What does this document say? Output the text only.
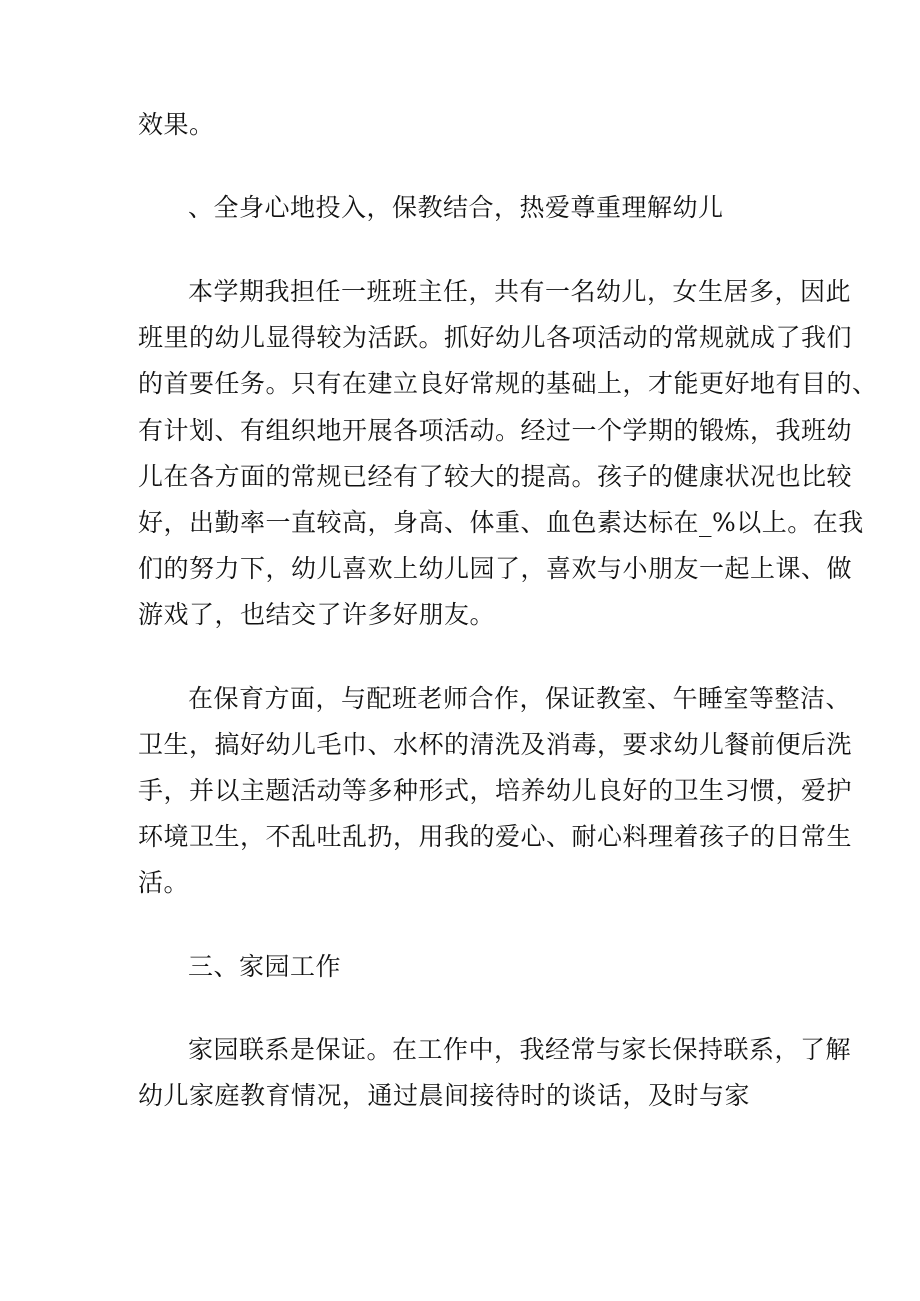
效果。
、全身心地投入，保教结合，热爱尊重理解幼儿
本学期我担任一班班主任，共有一名幼儿，女生居多，因此
班里的幼儿显得较为活跃。抓好幼儿各项活动的常规就成了我们
的首要任务。只有在建立良好常规的基础上，才能更好地有目的、
有计划、有组织地开展各项活动。经过一个学期的锻炼，我班幼
儿在各方面的常规已经有了较大的提高。孩子的健康状况也比较
好，出勤率一直较高，身高、体重、血色素达标在_%以上。在我
们的努力下，幼儿喜欢上幼儿园了，喜欢与小朋友一起上课、做
游戏了，也结交了许多好朋友。
在保育方面，与配班老师合作，保证教室、午睡室等整洁、
卫生，搞好幼儿毛巾、水杯的清洗及消毒，要求幼儿餐前便后洗
手，并以主题活动等多种形式，培养幼儿良好的卫生习惯，爱护
环境卫生，不乱吐乱扔，用我的爱心、耐心料理着孩子的日常生
活。
三、家园工作
家园联系是保证。在工作中，我经常与家长保持联系，了解
幼儿家庭教育情况，通过晨间接待时的谈话，及时与家
